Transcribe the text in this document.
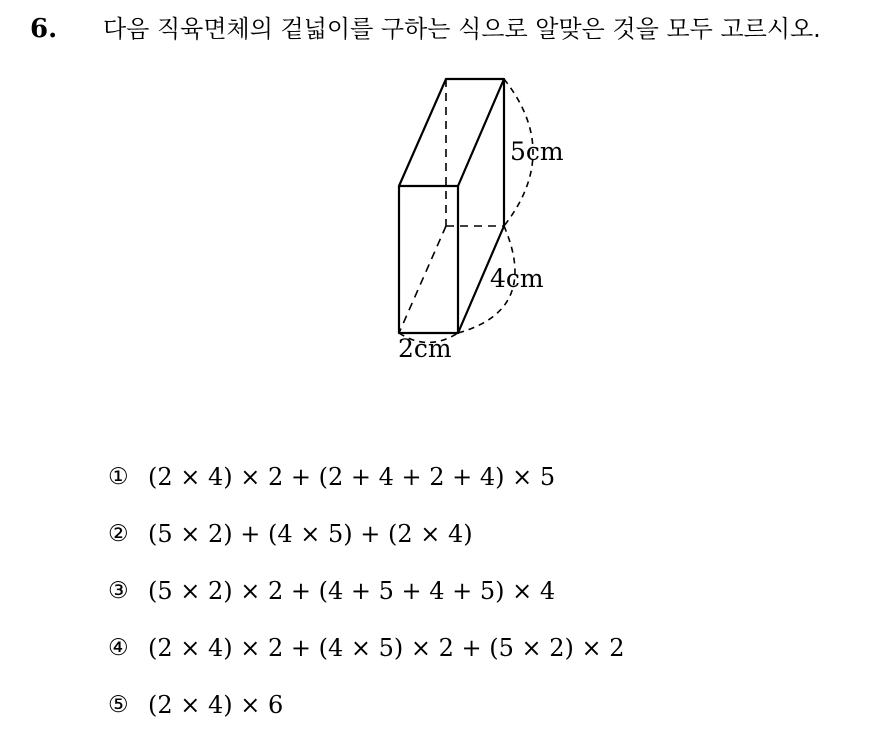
6. 다음 직육면체의 겉넓이를 구하는 식으로 알맞은 것을 모두 고르시오.
5cm
4cm
2cm
① (2 × 4) × 2 + (2 + 4 + 2 + 4) × 5
② (5 × 2) + (4 × 5) + (2 × 4)
③ (5 × 2) × 2 + (4 + 5 + 4 + 5) × 4
④ (2 × 4) × 2 + (4 × 5) × 2 + (5 × 2) × 2
⑤ (2 × 4) × 6
